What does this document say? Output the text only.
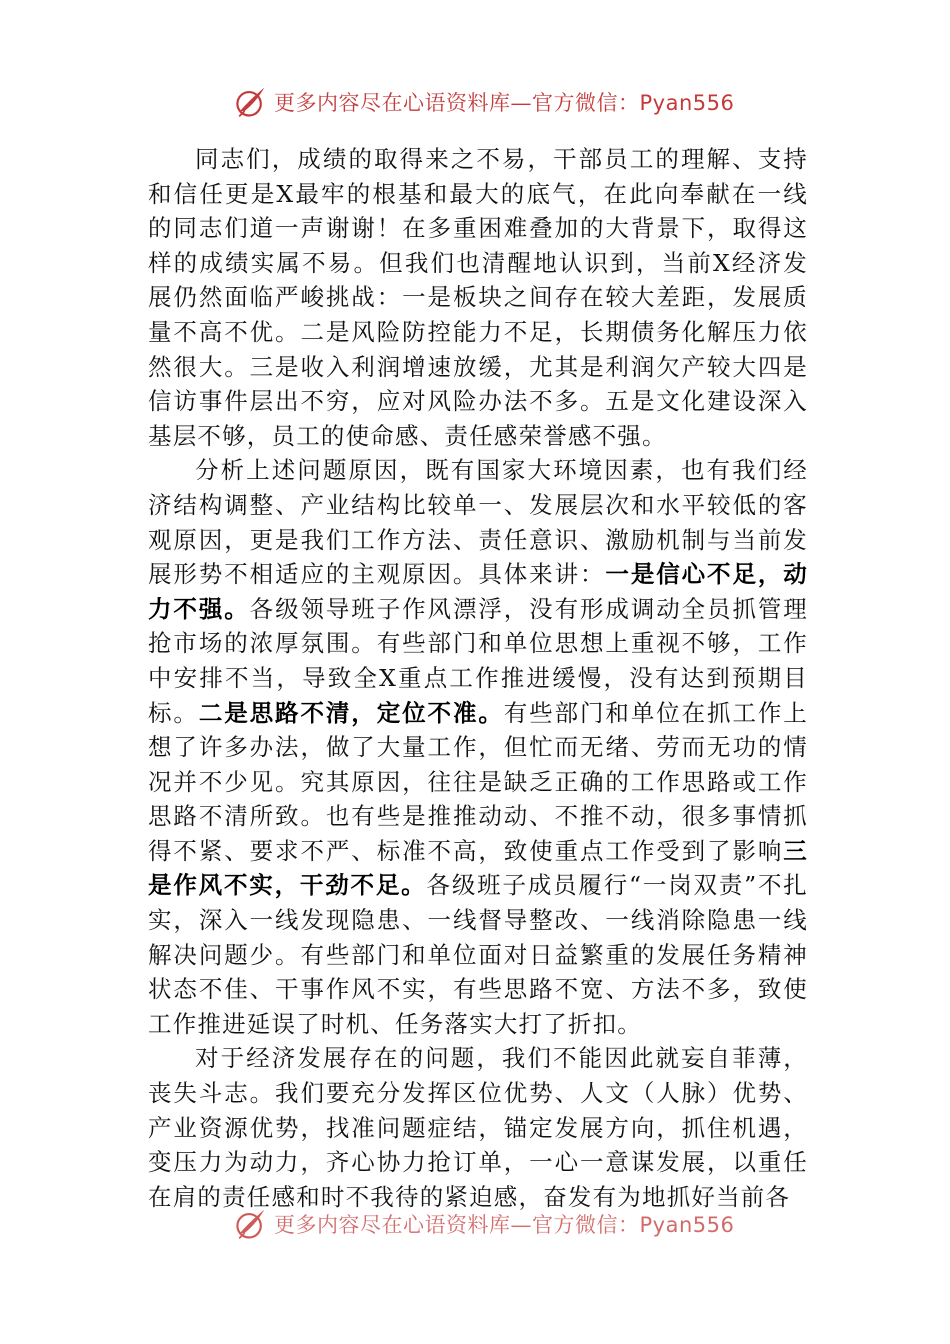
更多内容尽在心语资料库—官方微信：Pyan556

同志们，成绩的取得来之不易，干部员工的理解、支持和信任更是X最牢的根基和最大的底气，在此向奉献在一线的同志们道一声谢谢！在多重困难叠加的大背景下，取得这样的成绩实属不易。但我们也清醒地认识到，当前X经济发展仍然面临严峻挑战：一是板块之间存在较大差距，发展质量不高不优。二是风险防控能力不足，长期债务化解压力依然很大。三是收入利润增速放缓，尤其是利润欠产较大四是信访事件层出不穷，应对风险办法不多。五是文化建设深入基层不够，员工的使命感、责任感荣誉感不强。

分析上述问题原因，既有国家大环境因素，也有我们经济结构调整、产业结构比较单一、发展层次和水平较低的客观原因，更是我们工作方法、责任意识、激励机制与当前发展形势不相适应的主观原因。具体来讲：一是信心不足，动力不强。各级领导班子作风漂浮，没有形成调动全员抓管理抢市场的浓厚氛围。有些部门和单位思想上重视不够，工作中安排不当，导致全X重点工作推进缓慢，没有达到预期目标。二是思路不清，定位不准。有些部门和单位在抓工作上想了许多办法，做了大量工作，但忙而无绪、劳而无功的情况并不少见。究其原因，往往是缺乏正确的工作思路或工作思路不清所致。也有些是推推动动、不推不动，很多事情抓得不紧、要求不严、标准不高，致使重点工作受到了影响三是作风不实，干劲不足。各级班子成员履行“一岗双责”不扎实，深入一线发现隐患、一线督导整改、一线消除隐患一线解决问题少。有些部门和单位面对日益繁重的发展任务精神状态不佳、干事作风不实，有些思路不宽、方法不多，致使工作推进延误了时机、任务落实大打了折扣。

对于经济发展存在的问题，我们不能因此就妄自菲薄，丧失斗志。我们要充分发挥区位优势、人文（人脉）优势、产业资源优势，找准问题症结，锚定发展方向，抓住机遇，变压力为动力，齐心协力抢订单，一心一意谋发展，以重任在肩的责任感和时不我待的紧迫感，奋发有为地抓好当前各

更多内容尽在心语资料库—官方微信：Pyan556
